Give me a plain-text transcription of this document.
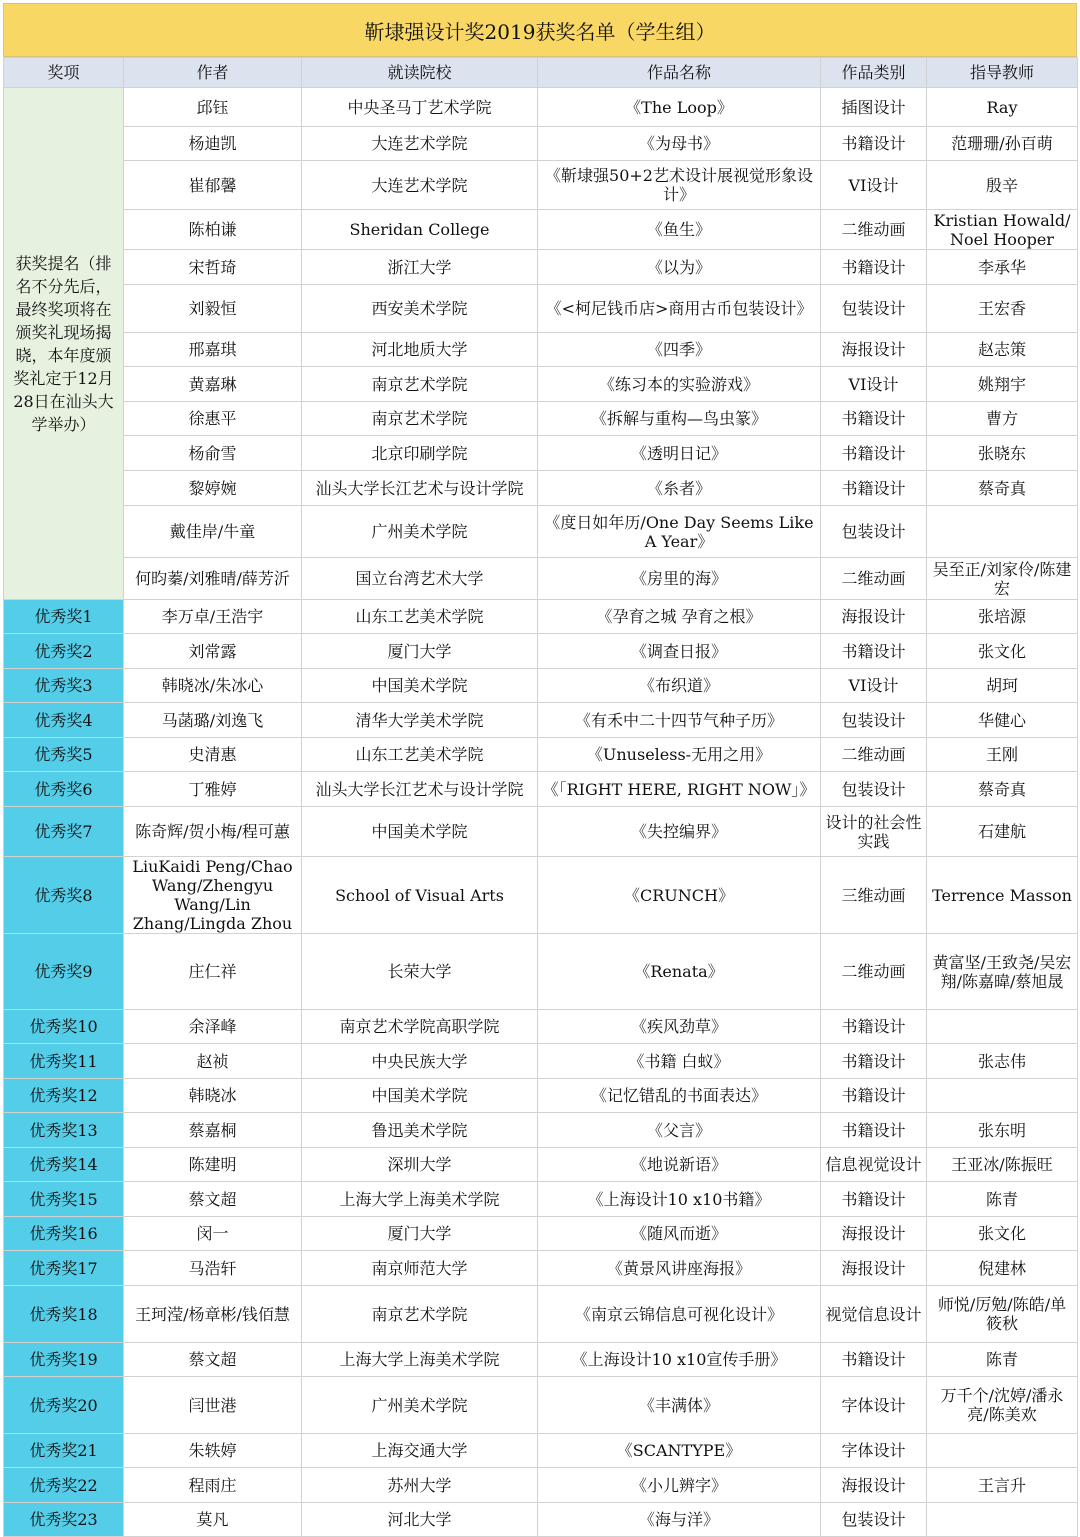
靳埭强设计奖2019获奖名单（学生组）
奖项	作者	就读院校	作品名称	作品类别	指导教师
获奖提名（排名不分先后，最终奖项将在颁奖礼现场揭晓，本年度颁奖礼定于12月28日在汕头大学举办）	邱钰	中央圣马丁艺术学院	《The Loop》	插图设计	Ray
	杨迪凯	大连艺术学院	《为母书》	书籍设计	范珊珊/孙百萌
	崔郁馨	大连艺术学院	《靳埭强50+2艺术设计展视觉形象设计》	VI设计	殷辛
	陈柏谦	Sheridan College	《鱼生》	二维动画	Kristian Howald/ Noel Hooper
	宋哲琦	浙江大学	《以为》	书籍设计	李承华
	刘毅恒	西安美术学院	《<柯尼钱币店>商用古币包装设计》	包装设计	王宏香
	邢嘉琪	河北地质大学	《四季》	海报设计	赵志策
	黄嘉琳	南京艺术学院	《练习本的实验游戏》	VI设计	姚翔宇
	徐惠平	南京艺术学院	《拆解与重构—鸟虫篆》	书籍设计	曹方
	杨俞雪	北京印刷学院	《透明日记》	书籍设计	张晓东
	黎婷婉	汕头大学长江艺术与设计学院	《糸者》	书籍设计	蔡奇真
	戴佳岸/牛童	广州美术学院	《度日如年历/One Day Seems Like A Year》	包装设计	
	何昀蓁/刘雅晴/薛芳沂	国立台湾艺术大学	《房里的海》	二维动画	吴至正/刘家伶/陈建宏
优秀奖1	李万卓/王浩宇	山东工艺美术学院	《孕育之城 孕育之根》	海报设计	张培源
优秀奖2	刘常露	厦门大学	《调查日报》	书籍设计	张文化
优秀奖3	韩晓冰/朱冰心	中国美术学院	《布织道》	VI设计	胡珂
优秀奖4	马菡璐/刘逸飞	清华大学美术学院	《有禾中二十四节气种子历》	包装设计	华健心
优秀奖5	史清惠	山东工艺美术学院	《Unuseless-无用之用》	二维动画	王刚
优秀奖6	丁雅婷	汕头大学长江艺术与设计学院	《「RIGHT HERE, RIGHT NOW」》	包装设计	蔡奇真
优秀奖7	陈奇辉/贺小梅/程可蕙	中国美术学院	《失控编界》	设计的社会性实践	石建航
优秀奖8	LiuKaidi Peng/Chao Wang/Zhengyu Wang/Lin Zhang/Lingda Zhou	School of Visual Arts	《CRUNCH》	三维动画	Terrence Masson
优秀奖9	庄仁祥	长荣大学	《Renata》	二维动画	黄富坚/王致尧/吴宏翔/陈嘉暐/蔡旭晟
优秀奖10	余泽峰	南京艺术学院高职学院	《疾风劲草》	书籍设计	
优秀奖11	赵祯	中央民族大学	《书籍 白蚁》	书籍设计	张志伟
优秀奖12	韩晓冰	中国美术学院	《记忆错乱的书面表达》	书籍设计	
优秀奖13	蔡嘉桐	鲁迅美术学院	《父言》	书籍设计	张东明
优秀奖14	陈建明	深圳大学	《地说新语》	信息视觉设计	王亚冰/陈振旺
优秀奖15	蔡文超	上海大学上海美术学院	《上海设计10 x10书籍》	书籍设计	陈青
优秀奖16	闵一	厦门大学	《随风而逝》	海报设计	张文化
优秀奖17	马浩轩	南京师范大学	《黄景风讲座海报》	海报设计	倪建林
优秀奖18	王珂滢/杨章彬/钱佰慧	南京艺术学院	《南京云锦信息可视化设计》	视觉信息设计	师悦/厉勉/陈皓/单筱秋
优秀奖19	蔡文超	上海大学上海美术学院	《上海设计10 x10宣传手册》	书籍设计	陈青
优秀奖20	闫世港	广州美术学院	《丰满体》	字体设计	万千个/沈婷/潘永亮/陈美欢
优秀奖21	朱轶婷	上海交通大学	《SCANTYPE》	字体设计	
优秀奖22	程雨庄	苏州大学	《小儿辨字》	海报设计	王言升
优秀奖23	莫凡	河北大学	《海与洋》	包装设计	
